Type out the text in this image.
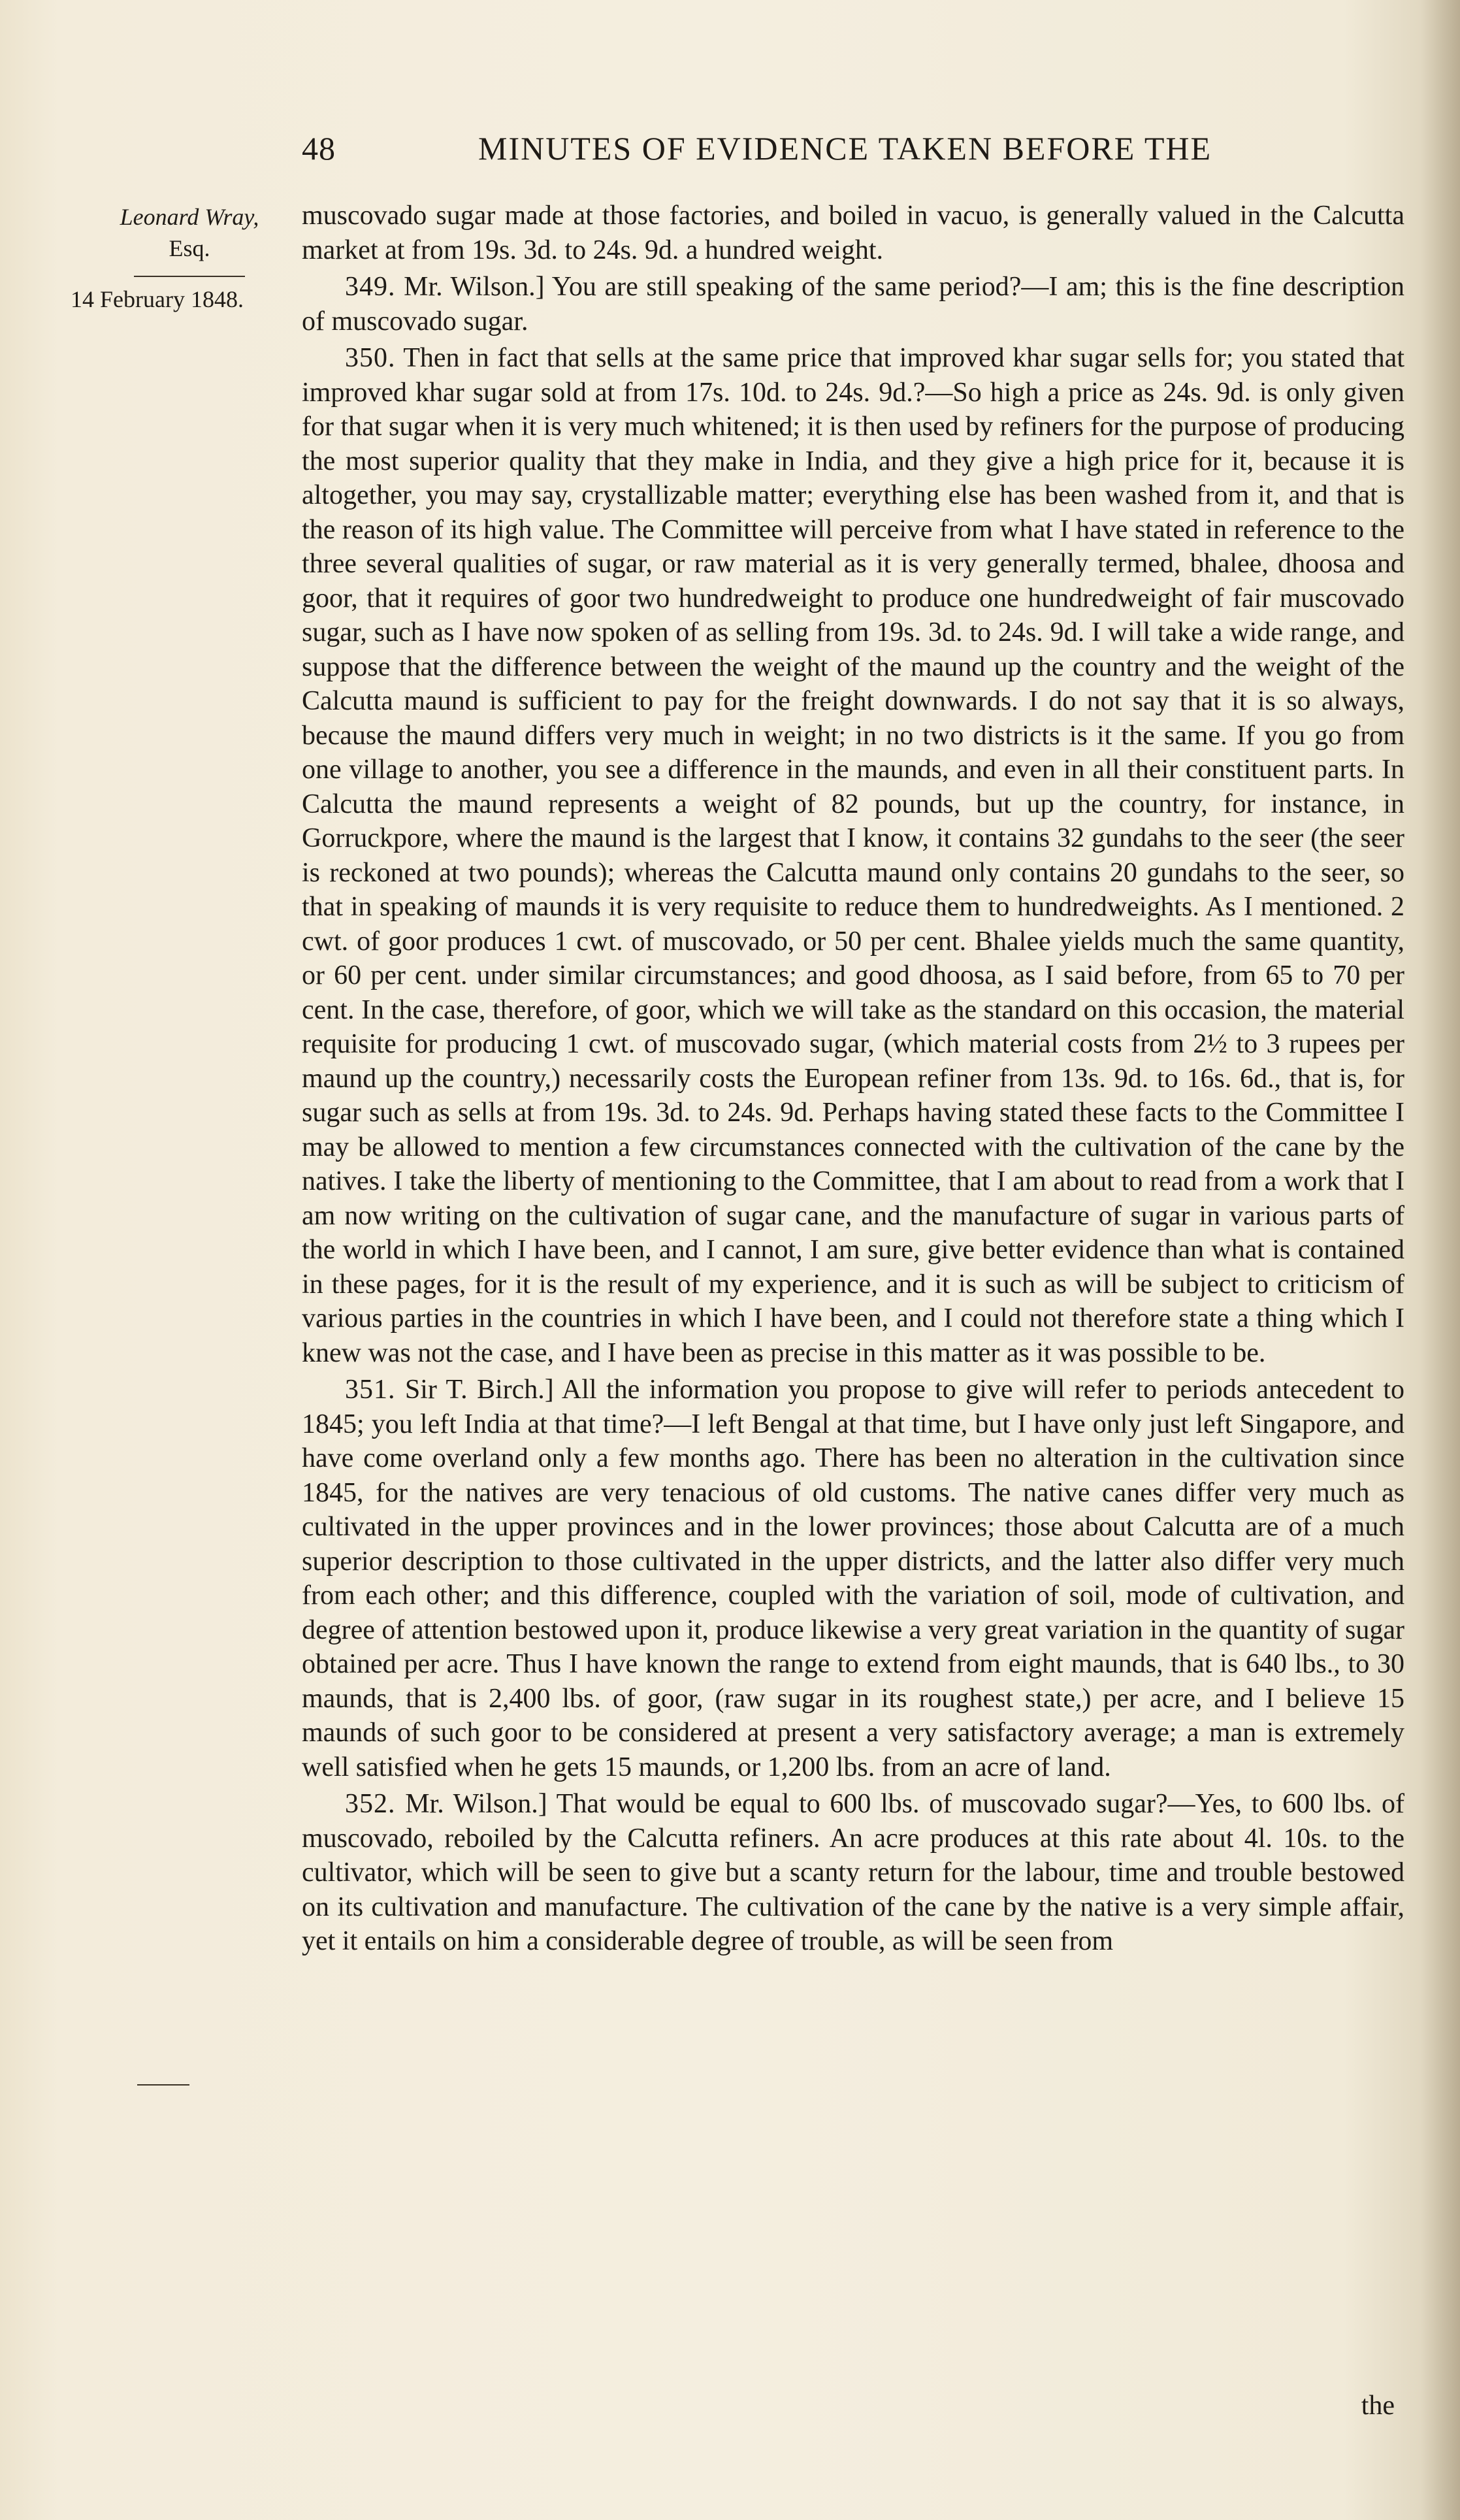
48	MINUTES OF EVIDENCE TAKEN BEFORE THE
Leonard Wray,
Esq.
14 February 1848.

muscovado sugar made at those factories, and boiled in vacuo, is generally valued in the Calcutta market at from 19s. 3d. to 24s. 9d. a hundred weight.

349. Mr. Wilson.] You are still speaking of the same period?—I am; this is the fine description of muscovado sugar.

350. Then in fact that sells at the same price that improved khar sugar sells for; you stated that improved khar sugar sold at from 17s. 10d. to 24s. 9d.?—So high a price as 24s. 9d. is only given for that sugar when it is very much whitened; it is then used by refiners for the purpose of producing the most superior quality that they make in India, and they give a high price for it, because it is altogether, you may say, crystallizable matter; everything else has been washed from it, and that is the reason of its high value. The Committee will perceive from what I have stated in reference to the three several qualities of sugar, or raw material as it is very generally termed, bhalee, dhoosa and goor, that it requires of goor two hundredweight to produce one hundredweight of fair muscovado sugar, such as I have now spoken of as selling from 19s. 3d. to 24s. 9d. I will take a wide range, and suppose that the difference between the weight of the maund up the country and the weight of the Calcutta maund is sufficient to pay for the freight downwards. I do not say that it is so always, because the maund differs very much in weight; in no two districts is it the same. If you go from one village to another, you see a difference in the maunds, and even in all their constituent parts. In Calcutta the maund represents a weight of 82 pounds, but up the country, for instance, in Gorruckpore, where the maund is the largest that I know, it contains 32 gundahs to the seer (the seer is reckoned at two pounds); whereas the Calcutta maund only contains 20 gundahs to the seer, so that in speaking of maunds it is very requisite to reduce them to hundredweights. As I mentioned. 2 cwt. of goor produces 1 cwt. of muscovado, or 50 per cent. Bhalee yields much the same quantity, or 60 per cent. under similar circumstances; and good dhoosa, as I said before, from 65 to 70 per cent. In the case, therefore, of goor, which we will take as the standard on this occasion, the material requisite for producing 1 cwt. of muscovado sugar, (which material costs from 2½ to 3 rupees per maund up the country,) necessarily costs the European refiner from 13s. 9d. to 16s. 6d., that is, for sugar such as sells at from 19s. 3d. to 24s. 9d. Perhaps having stated these facts to the Committee I may be allowed to mention a few circumstances connected with the cultivation of the cane by the natives. I take the liberty of mentioning to the Committee, that I am about to read from a work that I am now writing on the cultivation of sugar cane, and the manufacture of sugar in various parts of the world in which I have been, and I cannot, I am sure, give better evidence than what is contained in these pages, for it is the result of my experience, and it is such as will be subject to criticism of various parties in the countries in which I have been, and I could not therefore state a thing which I knew was not the case, and I have been as precise in this matter as it was possible to be.

351. Sir T. Birch.] All the information you propose to give will refer to periods antecedent to 1845; you left India at that time?—I left Bengal at that time, but I have only just left Singapore, and have come overland only a few months ago. There has been no alteration in the cultivation since 1845, for the natives are very tenacious of old customs. The native canes differ very much as cultivated in the upper provinces and in the lower provinces; those about Calcutta are of a much superior description to those cultivated in the upper districts, and the latter also differ very much from each other; and this difference, coupled with the variation of soil, mode of cultivation, and degree of attention bestowed upon it, produce likewise a very great variation in the quantity of sugar obtained per acre. Thus I have known the range to extend from eight maunds, that is 640 lbs., to 30 maunds, that is 2,400 lbs. of goor, (raw sugar in its roughest state,) per acre, and I believe 15 maunds of such goor to be considered at present a very satisfactory average; a man is extremely well satisfied when he gets 15 maunds, or 1,200 lbs. from an acre of land.

352. Mr. Wilson.] That would be equal to 600 lbs. of muscovado sugar?—Yes, to 600 lbs. of muscovado, reboiled by the Calcutta refiners. An acre produces at this rate about 4l. 10s. to the cultivator, which will be seen to give but a scanty return for the labour, time and trouble bestowed on its cultivation and manufacture. The cultivation of the cane by the native is a very simple affair, yet it entails on him a considerable degree of trouble, as will be seen from

the
